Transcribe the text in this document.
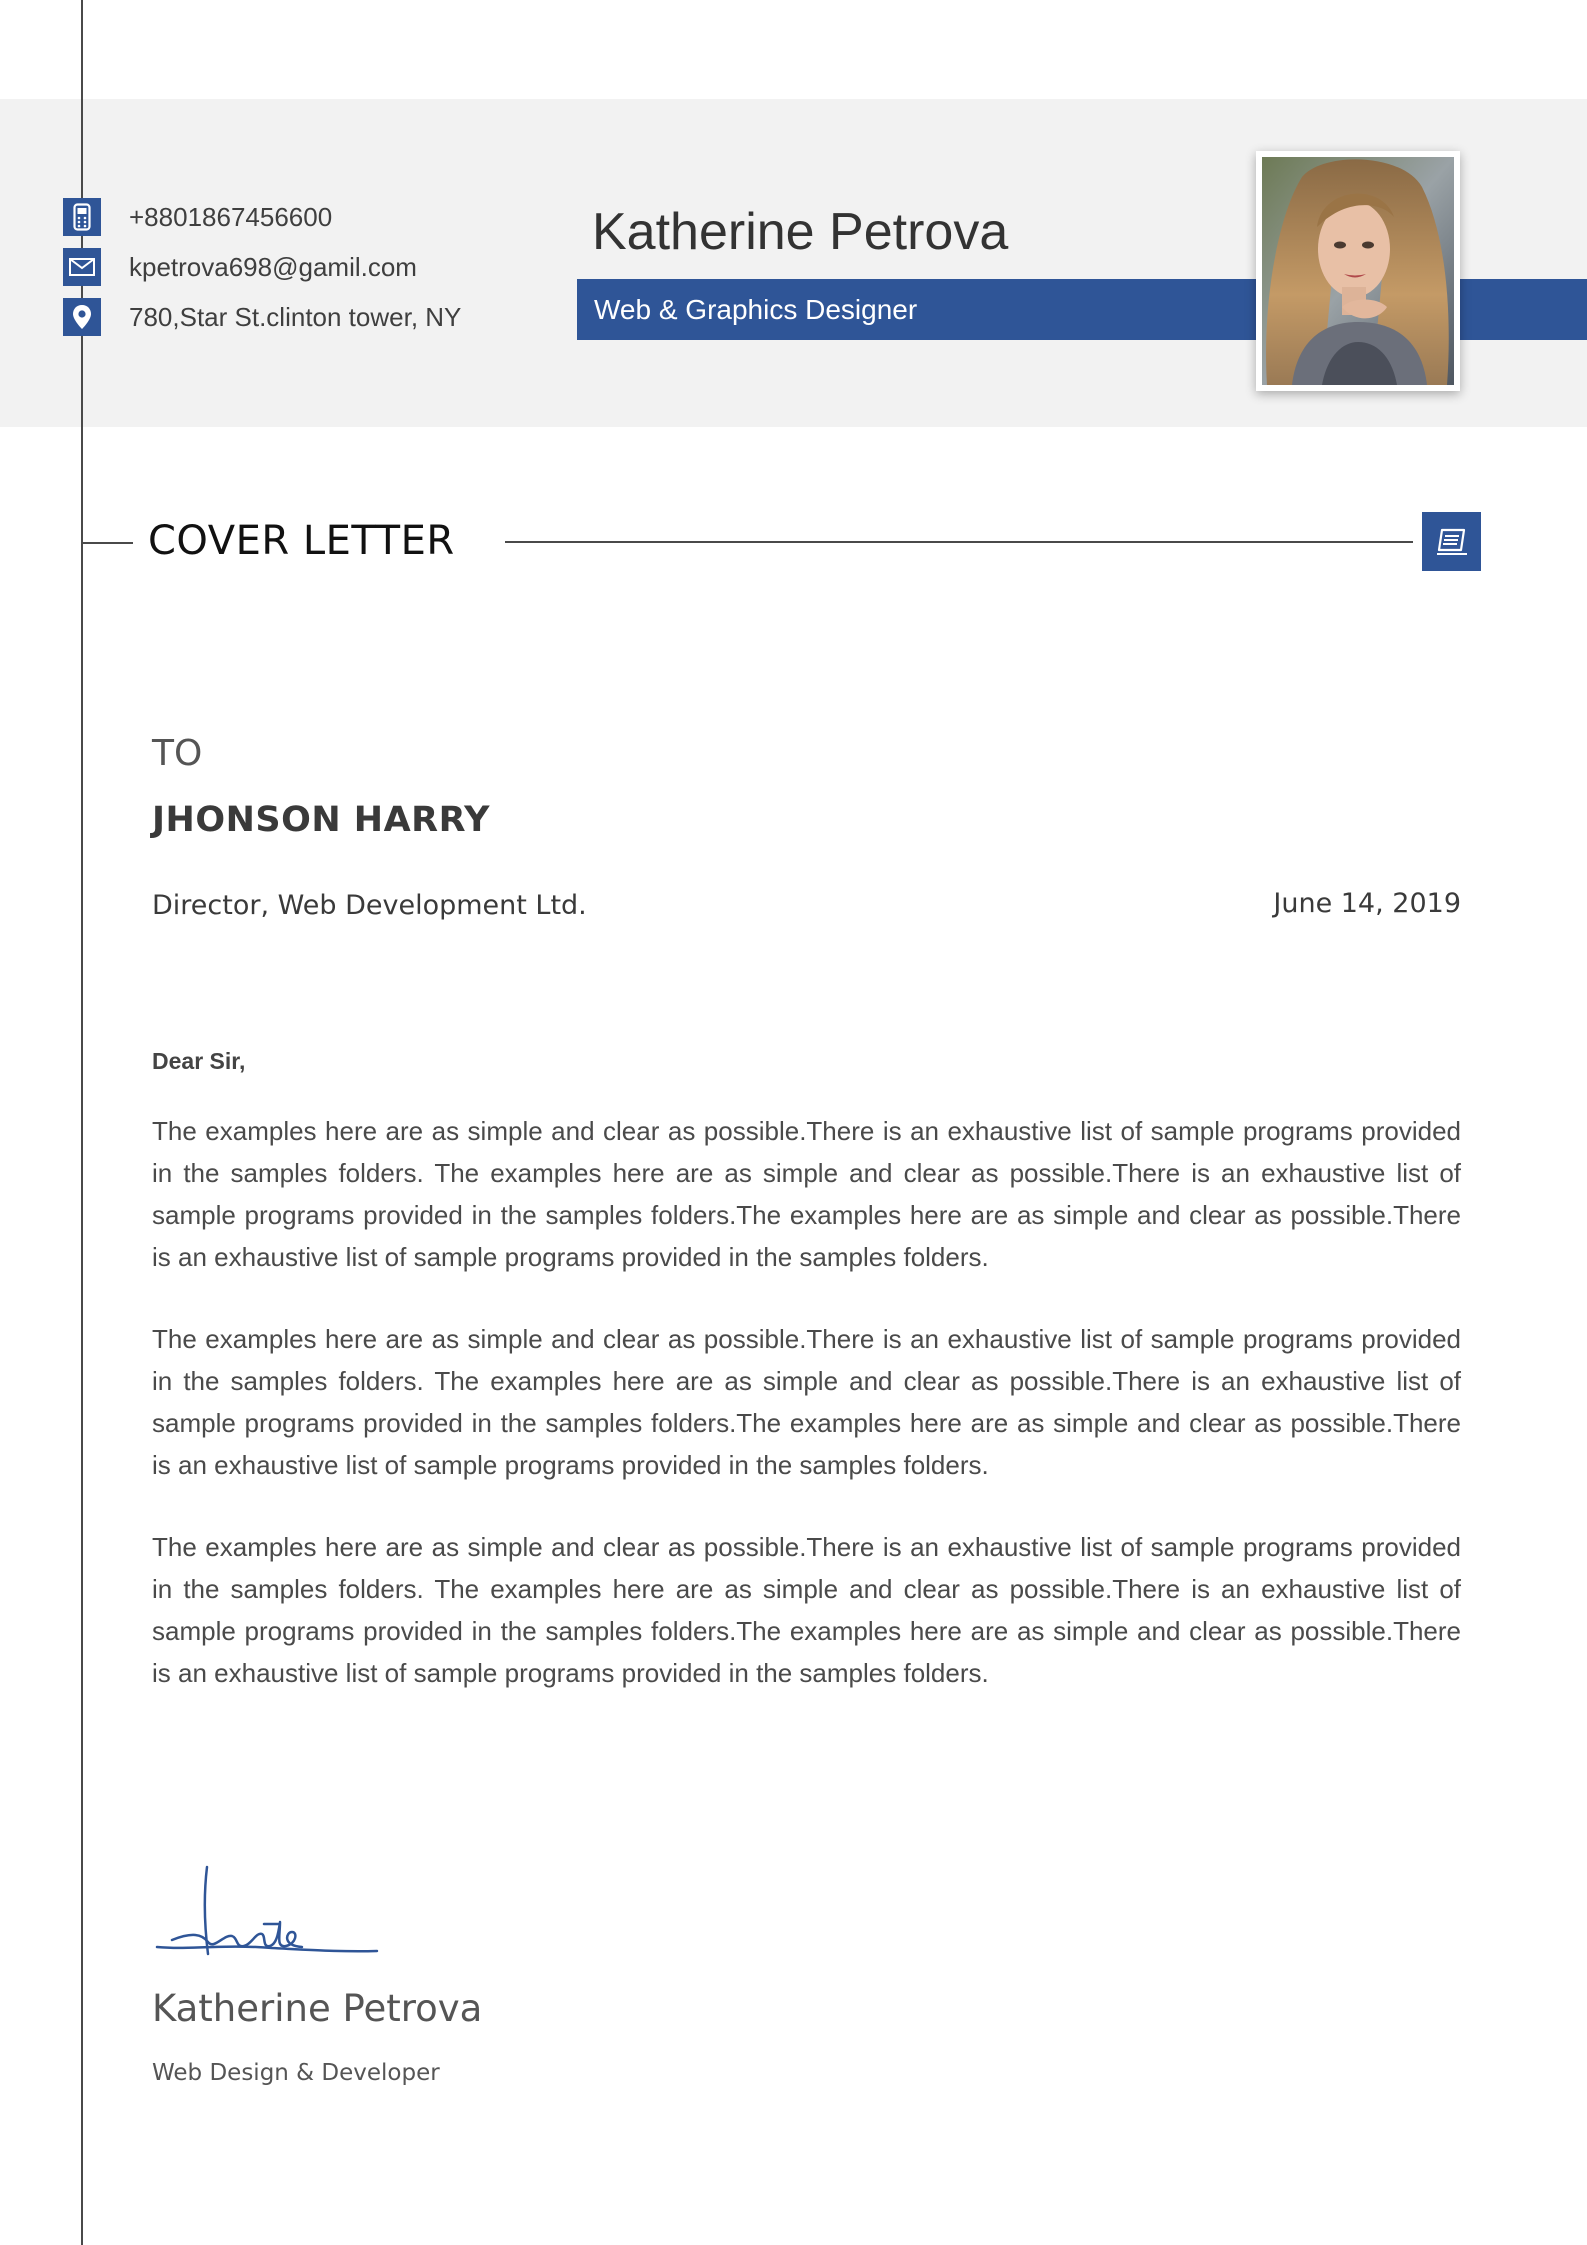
+8801867456600
kpetrova698@gamil.com
780,Star St.clinton tower, NY
Katherine Petrova
Web & Graphics Designer
COVER LETTER
TO
JHONSON HARRY
Director, Web Development Ltd.	June 14, 2019
Dear Sir,

The examples here are as simple and clear as possible.There is an exhaustive list of sample programs provided in the samples folders. The examples here are as simple and clear as possible.There is an exhaustive list of sample programs provided in the samples folders.The examples here are as simple and clear as possible.There is an exhaustive list of sample programs provided in the samples folders.

The examples here are as simple and clear as possible.There is an exhaustive list of sample programs provided in the samples folders. The examples here are as simple and clear as possible.There is an exhaustive list of sample programs provided in the samples folders.The examples here are as simple and clear as possible.There is an exhaustive list of sample programs provided in the samples folders.

The examples here are as simple and clear as possible.There is an exhaustive list of sample programs provided in the samples folders. The examples here are as simple and clear as possible.There is an exhaustive list of sample programs provided in the samples folders.The examples here are as simple and clear as possible.There is an exhaustive list of sample programs provided in the samples folders.

Katherine Petrova
Web Design & Developer
